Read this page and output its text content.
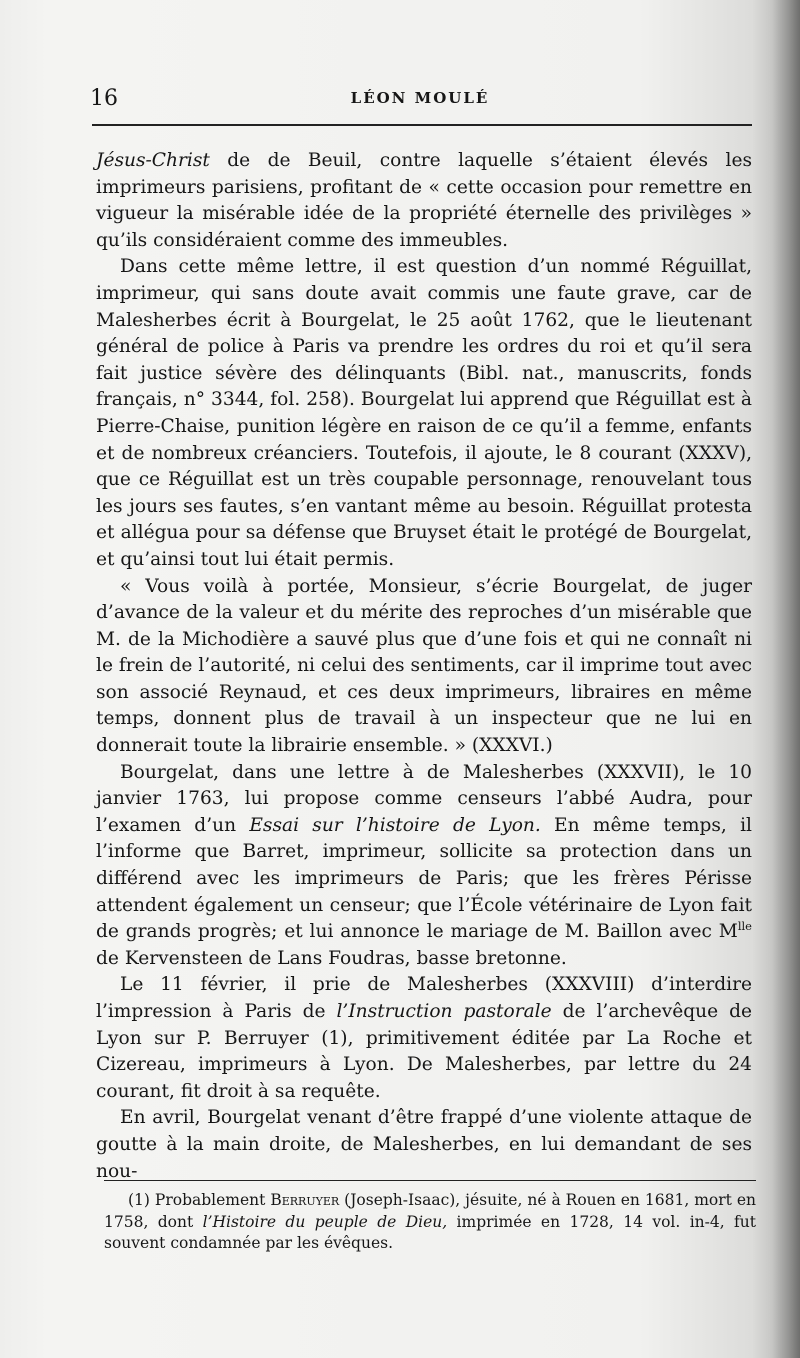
16	LÉON MOULÉ

Jésus-Christ de de Beuil, contre laquelle s’étaient élevés les imprimeurs parisiens, profitant de « cette occasion pour remettre en vigueur la misérable idée de la propriété éternelle des privilèges » qu’ils considéraient comme des immeubles.

Dans cette même lettre, il est question d’un nommé Réguillat, imprimeur, qui sans doute avait commis une faute grave, car de Malesherbes écrit à Bourgelat, le 25 août 1762, que le lieutenant général de police à Paris va prendre les ordres du roi et qu’il sera fait justice sévère des délinquants (Bibl. nat., manuscrits, fonds français, n° 3344, fol. 258). Bourgelat lui apprend que Réguillat est à Pierre-Chaise, punition légère en raison de ce qu’il a femme, enfants et de nombreux créanciers. Toutefois, il ajoute, le 8 courant (XXXV), que ce Réguillat est un très coupable personnage, renouvelant tous les jours ses fautes, s’en vantant même au besoin. Réguillat protesta et allégua pour sa défense que Bruyset était le protégé de Bourgelat, et qu’ainsi tout lui était permis.

« Vous voilà à portée, Monsieur, s’écrie Bourgelat, de juger d’avance de la valeur et du mérite des reproches d’un misérable que M. de la Michodière a sauvé plus que d’une fois et qui ne connaît ni le frein de l’autorité, ni celui des sentiments, car il imprime tout avec son associé Reynaud, et ces deux imprimeurs, libraires en même temps, donnent plus de travail à un inspecteur que ne lui en donnerait toute la librairie ensemble. » (XXXVI.)

Bourgelat, dans une lettre à de Malesherbes (XXXVII), le 10 janvier 1763, lui propose comme censeurs l’abbé Audra, pour l’examen d’un Essai sur l’histoire de Lyon. En même temps, il l’informe que Barret, imprimeur, sollicite sa protection dans un différend avec les imprimeurs de Paris; que les frères Périsse attendent également un censeur; que l’École vétérinaire de Lyon fait de grands progrès; et lui annonce le mariage de M. Baillon avec $M^{lle}$ de Kervensteen de Lans Foudras, basse bretonne.

Le 11 février, il prie de Malesherbes (XXXVIII) d’interdire l’impression à Paris de l’Instruction pastorale de l’archevêque de Lyon sur P. Berruyer (1), primitivement éditée par La Roche et Cizereau, imprimeurs à Lyon. De Malesherbes, par lettre du 24 courant, fit droit à sa requête.

En avril, Bourgelat venant d’être frappé d’une violente attaque de goutte à la main droite, de Malesherbes, en lui demandant de ses nou-

(1) Probablement Berruyer (Joseph-Isaac), jésuite, né à Rouen en 1681, mort en 1758, dont l’Histoire du peuple de Dieu, imprimée en 1728, 14 vol. in-4, fut souvent condamnée par les évêques.
